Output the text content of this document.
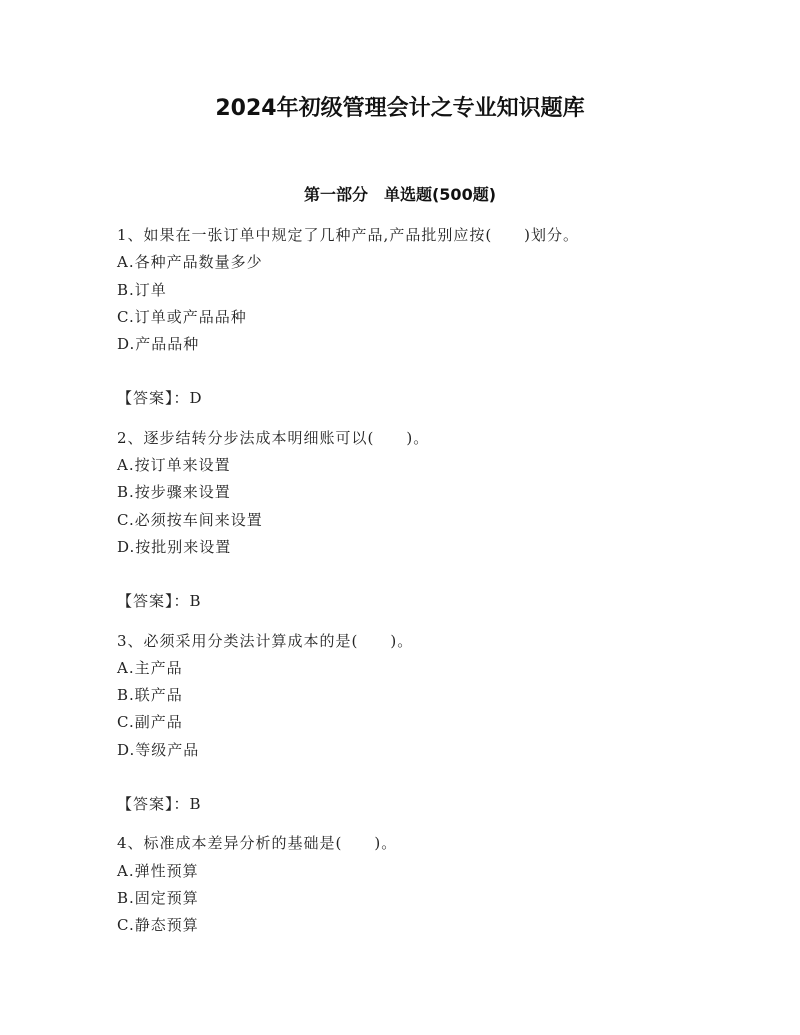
2024年初级管理会计之专业知识题库
第一部分　单选题(500题)
1、如果在一张订单中规定了几种产品,产品批别应按(　　)划分。
A.各种产品数量多少
B.订单
C.订单或产品品种
D.产品品种
【答案】：D
2、逐步结转分步法成本明细账可以(　　)。
A.按订单来设置
B.按步骤来设置
C.必须按车间来设置
D.按批别来设置
【答案】：B
3、必须采用分类法计算成本的是(　　)。
A.主产品
B.联产品
C.副产品
D.等级产品
【答案】：B
4、标准成本差异分析的基础是(　　)。
A.弹性预算
B.固定预算
C.静态预算
